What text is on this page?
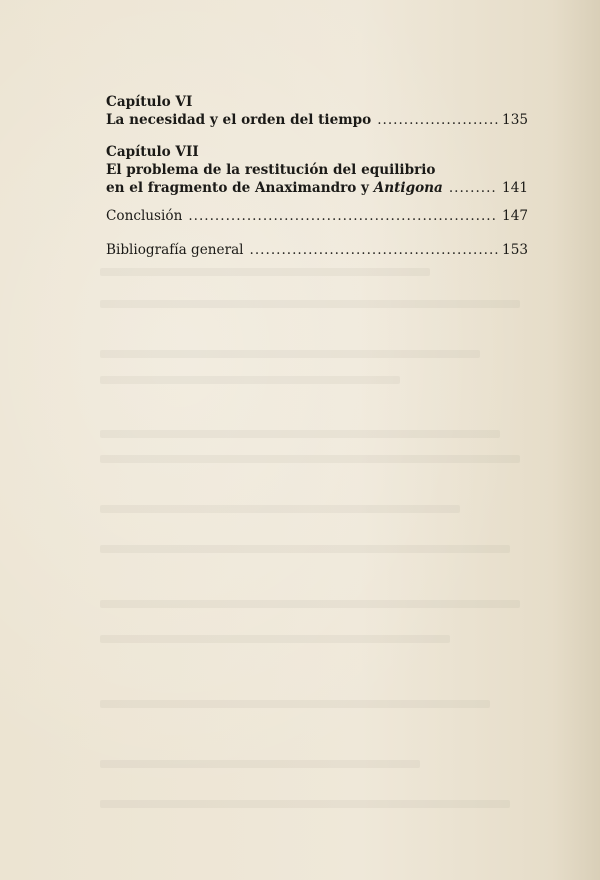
Capítulo VI
La necesidad y el orden del tiempo .....	135
Capítulo VII
El problema de la restitución del equilibrio
en el fragmento de Anaximandro y Antigona .....	141
Conclusión .....	147
Bibliografía general .....	153
